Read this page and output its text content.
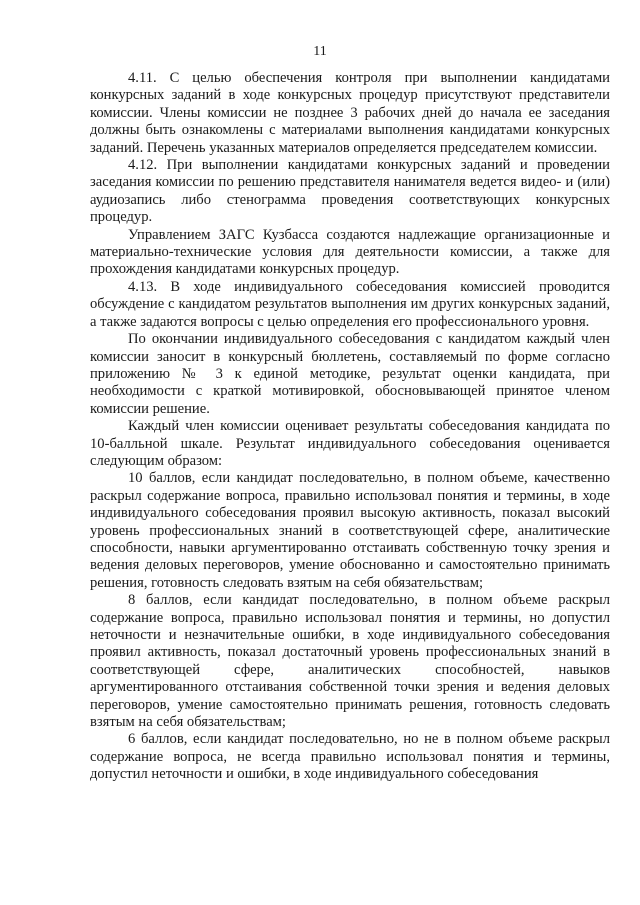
11

4.11. С целью обеспечения контроля при выполнении кандидатами конкурсных заданий в ходе конкурсных процедур присутствуют представители комиссии. Члены комиссии не позднее 3 рабочих дней до начала ее заседания должны быть ознакомлены с материалами выполнения кандидатами конкурсных заданий. Перечень указанных материалов определяется председателем комиссии.

4.12. При выполнении кандидатами конкурсных заданий и проведении заседания комиссии по решению представителя нанимателя ведется видео- и (или) аудиозапись либо стенограмма проведения соответствующих конкурсных процедур.

Управлением ЗАГС Кузбасса создаются надлежащие организационные и материально-технические условия для деятельности комиссии, а также для прохождения кандидатами конкурсных процедур.

4.13. В ходе индивидуального собеседования комиссией проводится обсуждение с кандидатом результатов выполнения им других конкурсных заданий, а также задаются вопросы с целью определения его профессионального уровня.

По окончании индивидуального собеседования с кандидатом каждый член комиссии заносит в конкурсный бюллетень, составляемый по форме согласно приложению № 3 к единой методике, результат оценки кандидата, при необходимости с краткой мотивировкой, обосновывающей принятое членом комиссии решение.

Каждый член комиссии оценивает результаты собеседования кандидата по 10-балльной шкале. Результат индивидуального собеседования оценивается следующим образом:

10 баллов, если кандидат последовательно, в полном объеме, качественно раскрыл содержание вопроса, правильно использовал понятия и термины, в ходе индивидуального собеседования проявил высокую активность, показал высокий уровень профессиональных знаний в соответствующей сфере, аналитические способности, навыки аргументированно отстаивать собственную точку зрения и ведения деловых переговоров, умение обоснованно и самостоятельно принимать решения, готовность следовать взятым на себя обязательствам;

8 баллов, если кандидат последовательно, в полном объеме раскрыл содержание вопроса, правильно использовал понятия и термины, но допустил неточности и незначительные ошибки, в ходе индивидуального собеседования проявил активность, показал достаточный уровень профессиональных знаний в соответствующей сфере, аналитических способностей, навыков аргументированного отстаивания собственной точки зрения и ведения деловых переговоров, умение самостоятельно принимать решения, готовность следовать взятым на себя обязательствам;

6 баллов, если кандидат последовательно, но не в полном объеме раскрыл содержание вопроса, не всегда правильно использовал понятия и термины, допустил неточности и ошибки, в ходе индивидуального собеседования
